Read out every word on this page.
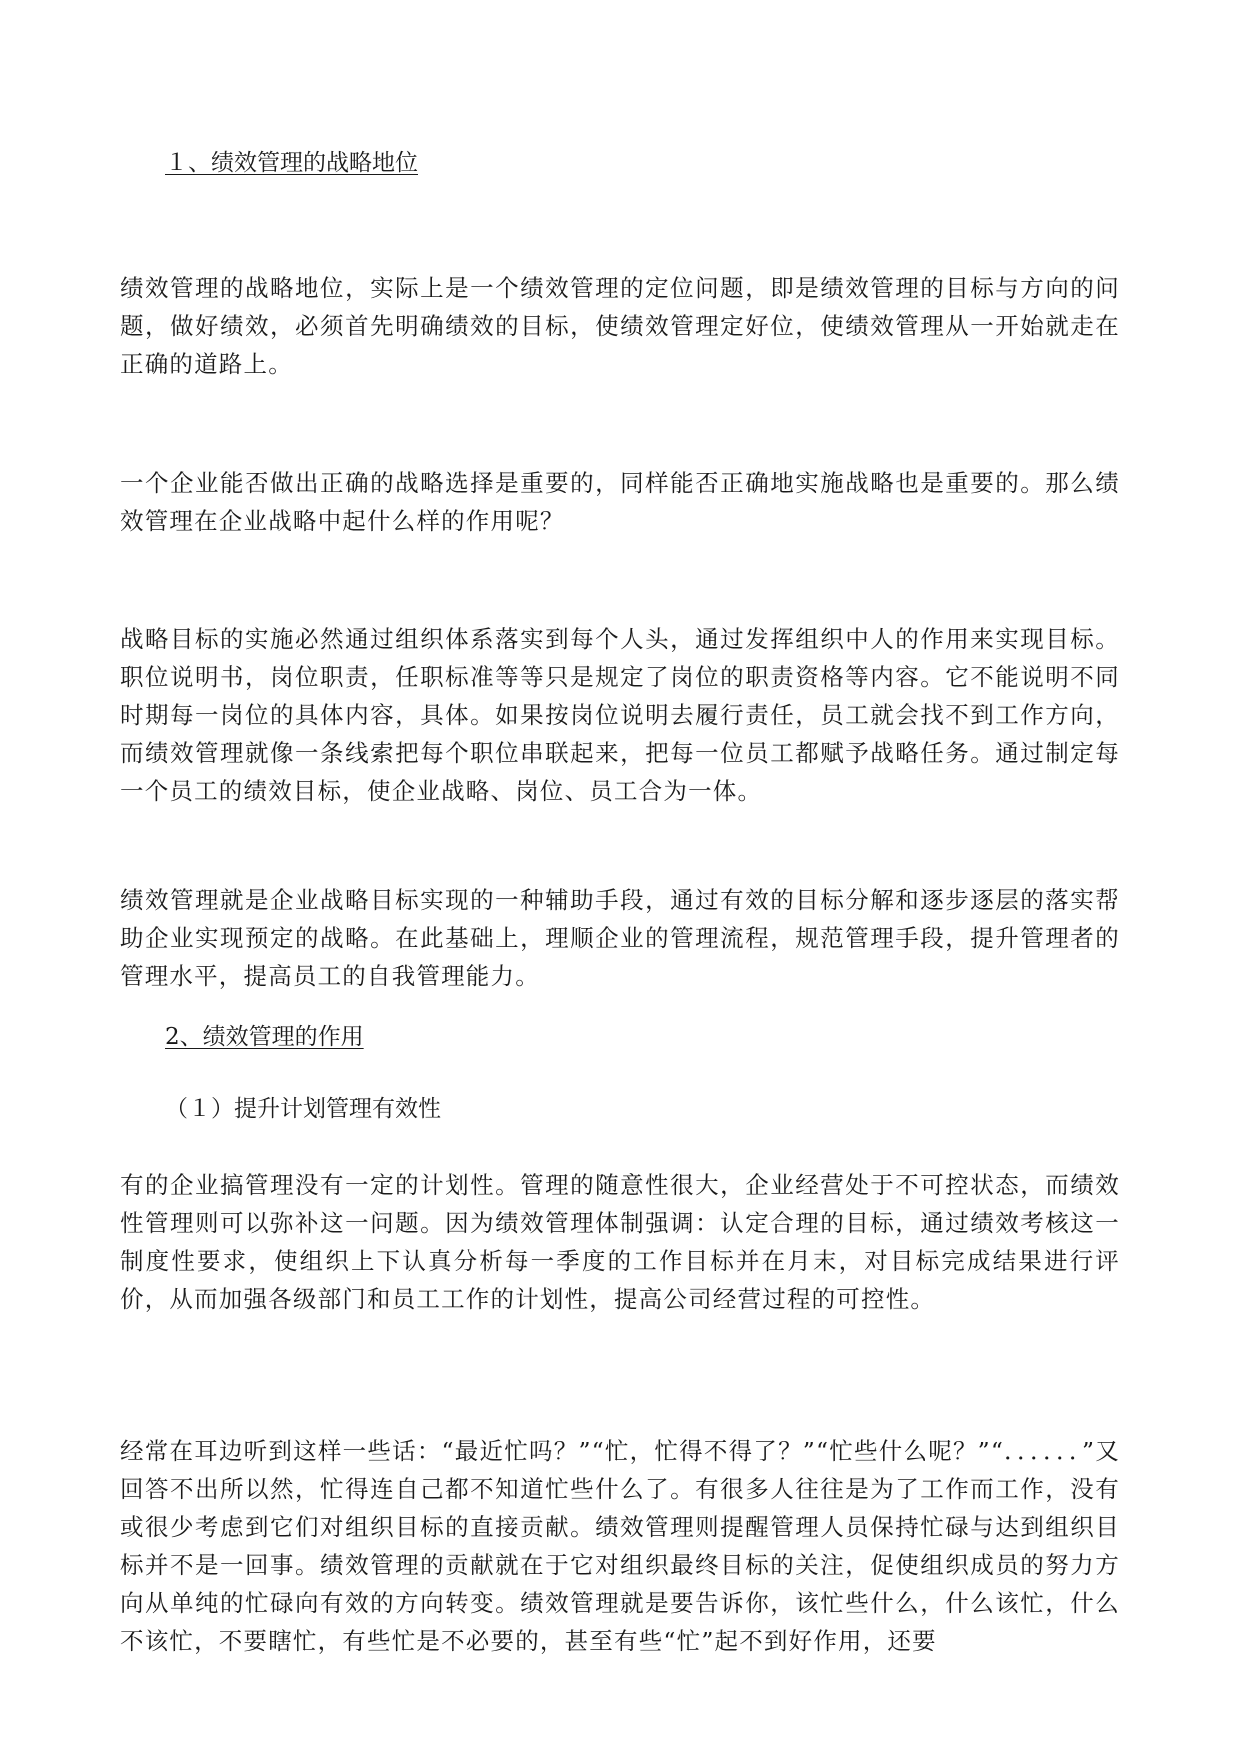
１、绩效管理的战略地位

绩效管理的战略地位，实际上是一个绩效管理的定位问题，即是绩效管理的目标与方向的问题，做好绩效，必须首先明确绩效的目标，使绩效管理定好位，使绩效管理从一开始就走在正确的道路上。

一个企业能否做出正确的战略选择是重要的，同样能否正确地实施战略也是重要的。那么绩效管理在企业战略中起什么样的作用呢？

战略目标的实施必然通过组织体系落实到每个人头，通过发挥组织中人的作用来实现目标。职位说明书，岗位职责，任职标准等等只是规定了岗位的职责资格等内容。它不能说明不同时期每一岗位的具体内容，具体。如果按岗位说明去履行责任，员工就会找不到工作方向，而绩效管理就像一条线索把每个职位串联起来，把每一位员工都赋予战略任务。通过制定每一个员工的绩效目标，使企业战略、岗位、员工合为一体。

绩效管理就是企业战略目标实现的一种辅助手段，通过有效的目标分解和逐步逐层的落实帮助企业实现预定的战略。在此基础上，理顺企业的管理流程，规范管理手段，提升管理者的管理水平，提高员工的自我管理能力。

2、绩效管理的作用
（１）提升计划管理有效性

有的企业搞管理没有一定的计划性。管理的随意性很大，企业经营处于不可控状态，而绩效性管理则可以弥补这一问题。因为绩效管理体制强调：认定合理的目标，通过绩效考核这一制度性要求，使组织上下认真分析每一季度的工作目标并在月末，对目标完成结果进行评价，从而加强各级部门和员工工作的计划性，提高公司经营过程的可控性。

经常在耳边听到这样一些话：“最近忙吗？”“忙，忙得不得了？”“忙些什么呢？”“．．．．．．”又回答不出所以然，忙得连自己都不知道忙些什么了。有很多人往往是为了工作而工作，没有或很少考虑到它们对组织目标的直接贡献。绩效管理则提醒管理人员保持忙碌与达到组织目标并不是一回事。绩效管理的贡献就在于它对组织最终目标的关注，促使组织成员的努力方向从单纯的忙碌向有效的方向转变。绩效管理就是要告诉你，该忙些什么，什么该忙，什么不该忙，不要瞎忙，有些忙是不必要的，甚至有些“忙”起不到好作用，还要
